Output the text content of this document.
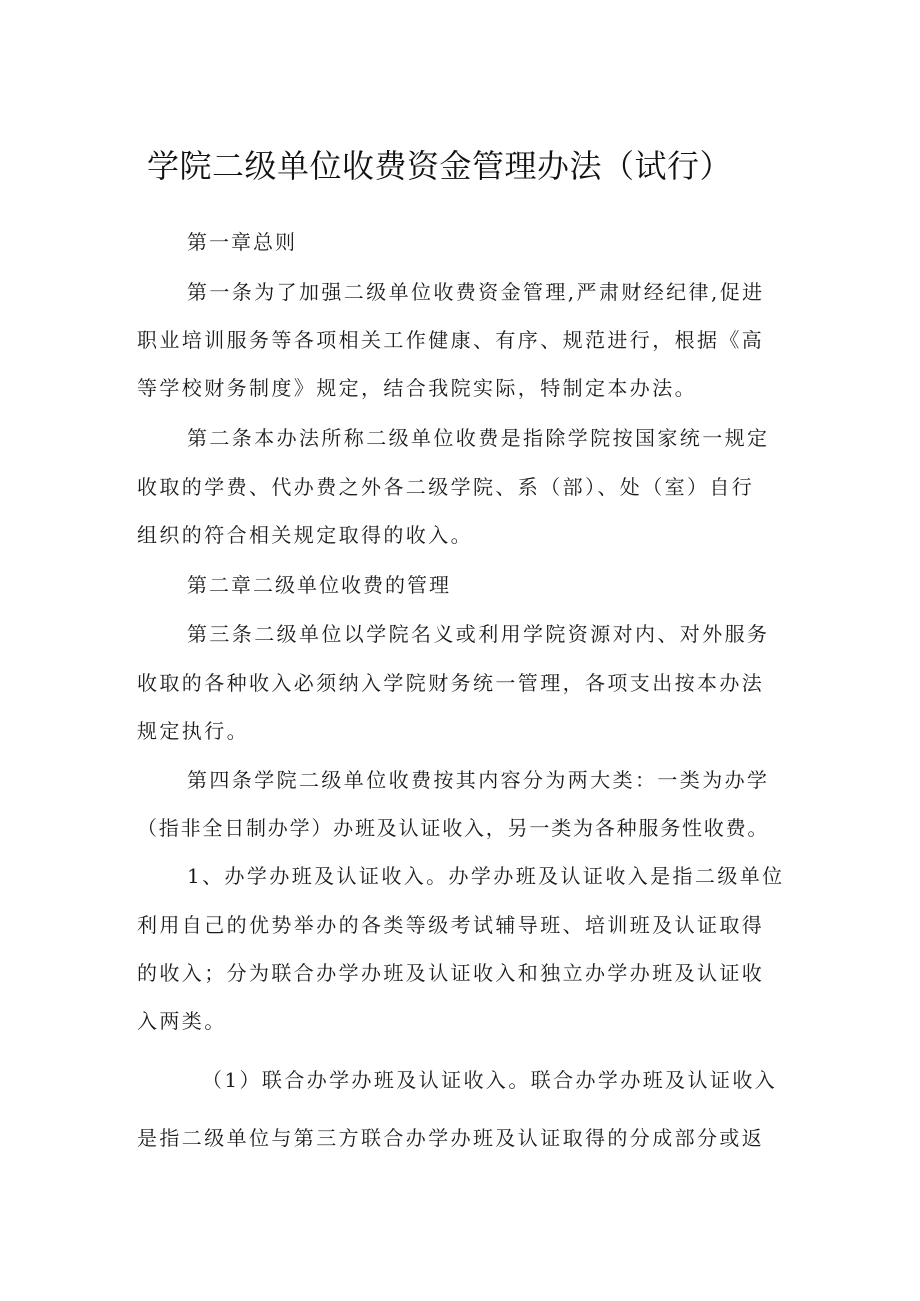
学院二级单位收费资金管理办法（试行）
第一章总则
第一条为了加强二级单位收费资金管理,严肃财经纪律,促进
职业培训服务等各项相关工作健康、有序、规范进行，根据《高
等学校财务制度》规定，结合我院实际，特制定本办法。
第二条本办法所称二级单位收费是指除学院按国家统一规定
收取的学费、代办费之外各二级学院、系（部）、处（室）自行
组织的符合相关规定取得的收入。
第二章二级单位收费的管理
第三条二级单位以学院名义或利用学院资源对内、对外服务
收取的各种收入必须纳入学院财务统一管理，各项支出按本办法
规定执行。
第四条学院二级单位收费按其内容分为两大类：一类为办学
（指非全日制办学）办班及认证收入，另一类为各种服务性收费。
1、办学办班及认证收入。办学办班及认证收入是指二级单位
利用自己的优势举办的各类等级考试辅导班、培训班及认证取得
的收入；分为联合办学办班及认证收入和独立办学办班及认证收
入两类。
（1）联合办学办班及认证收入。联合办学办班及认证收入
是指二级单位与第三方联合办学办班及认证取得的分成部分或返
